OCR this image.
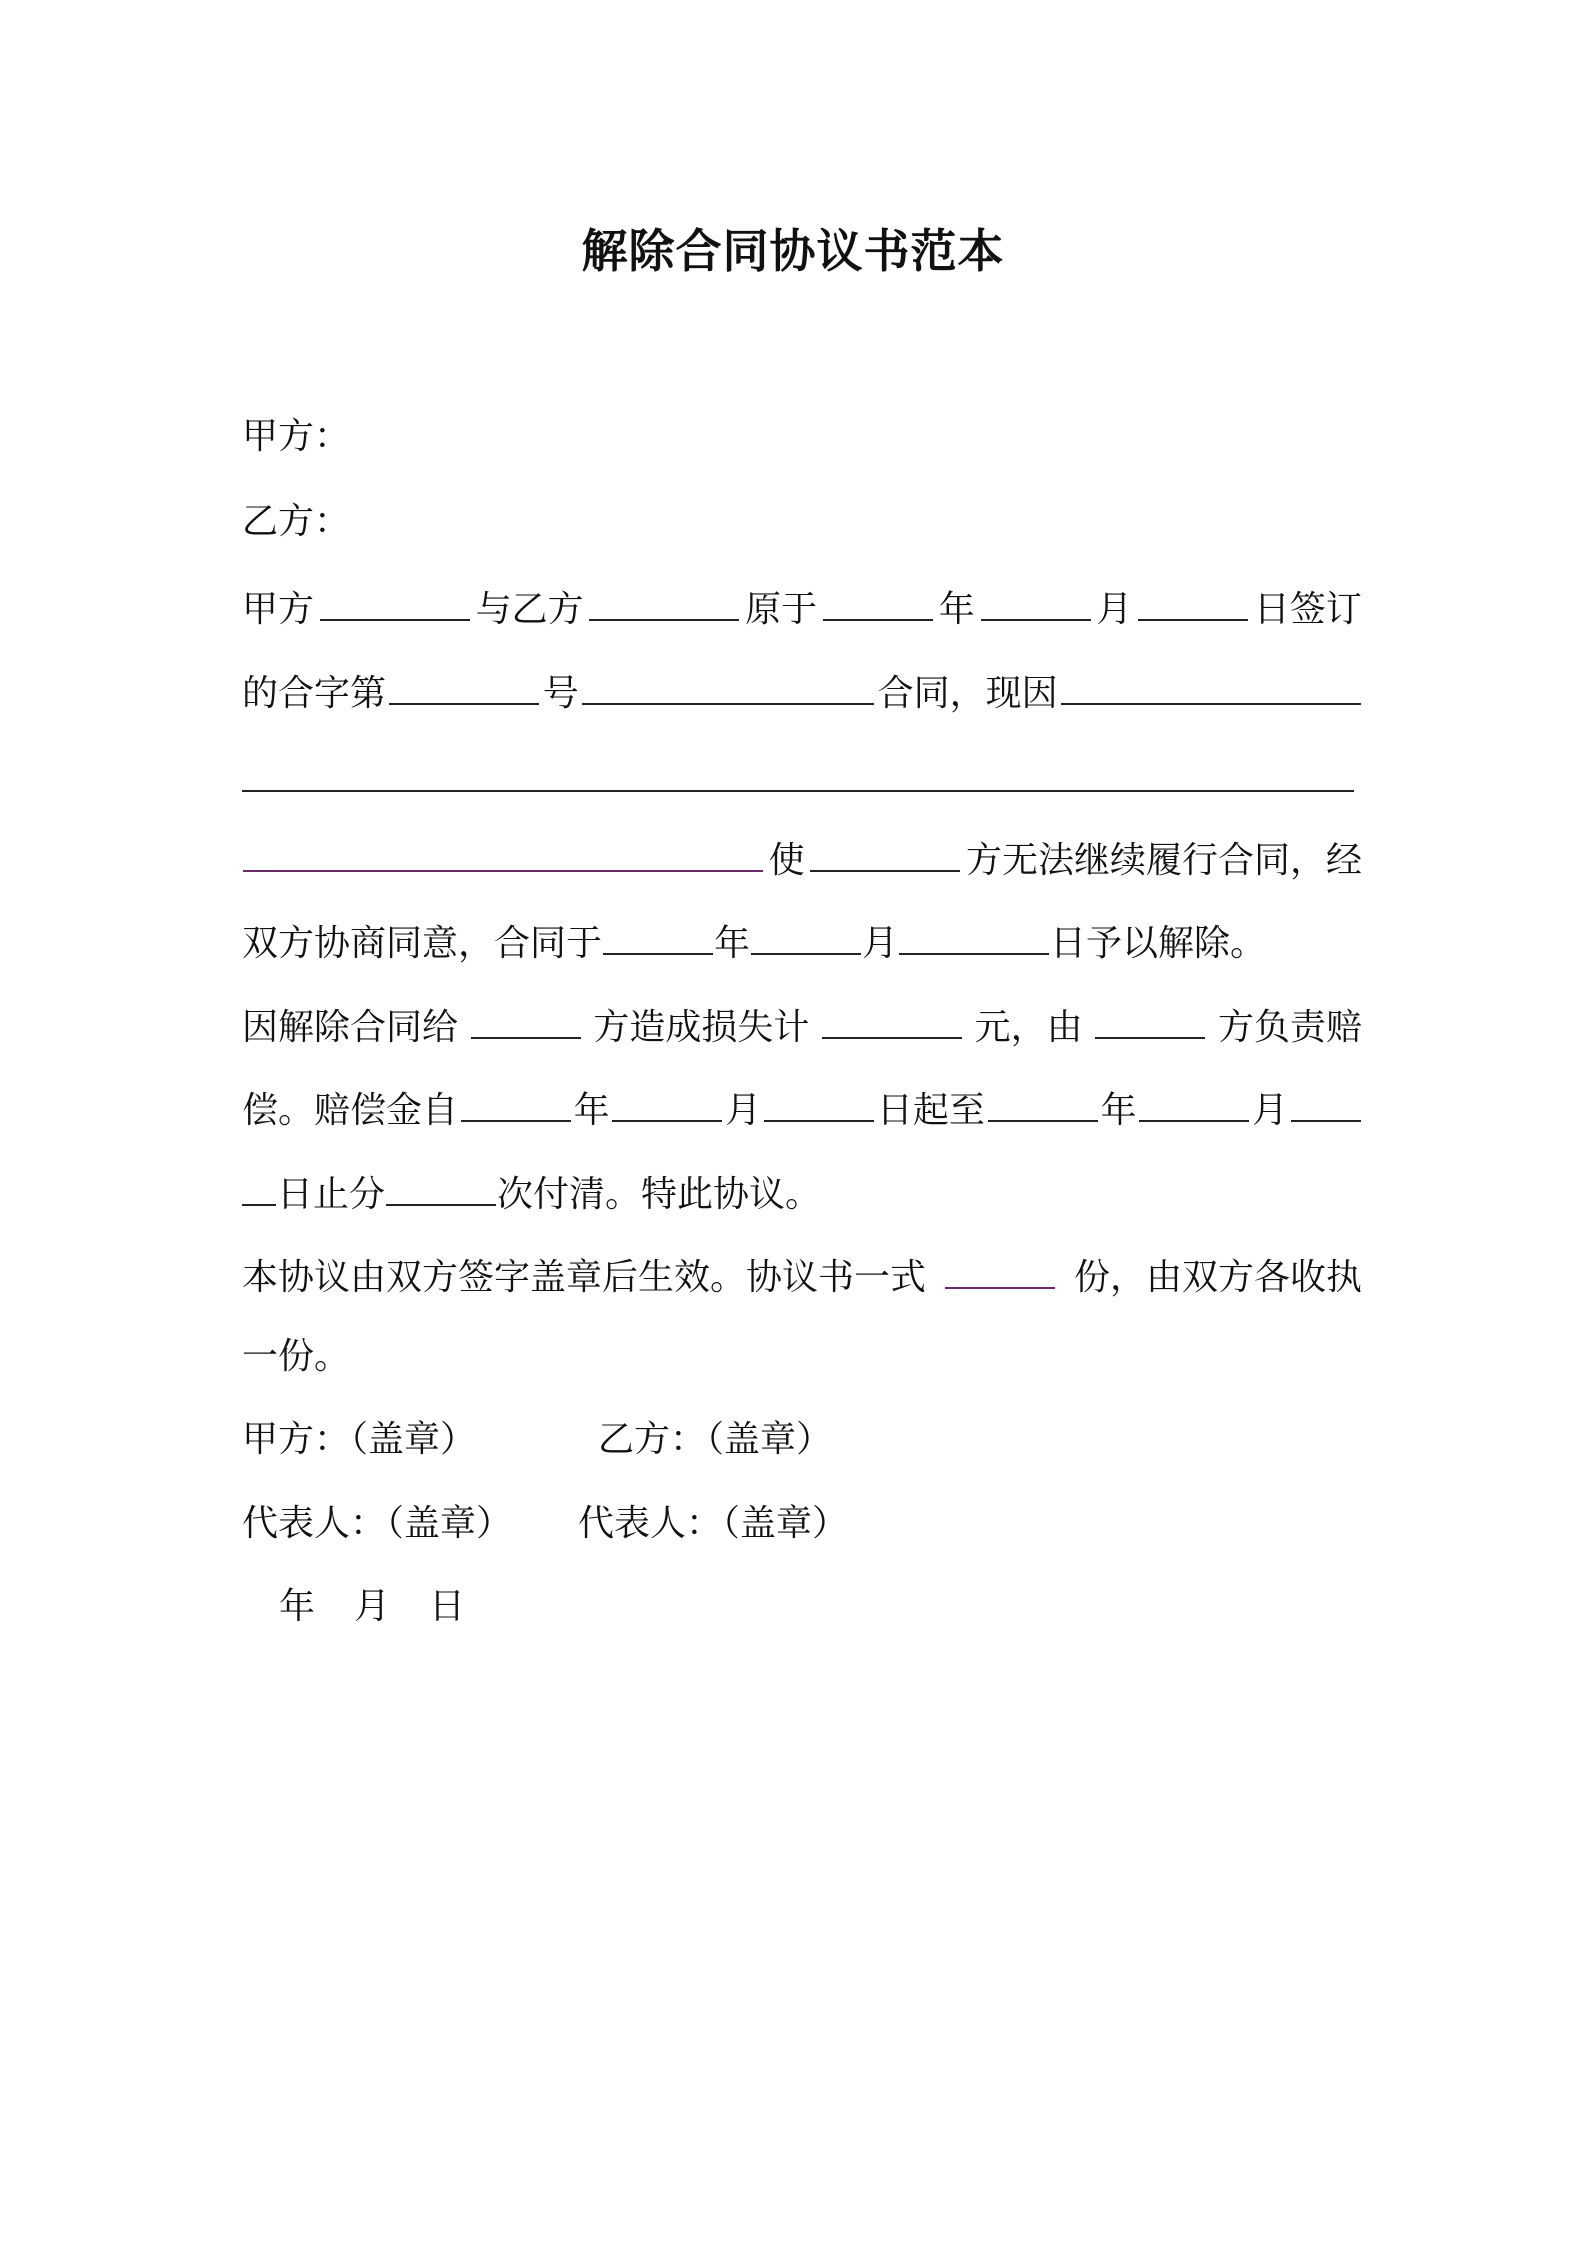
解除合同协议书范本
甲方：
乙方：
甲方	与乙方	原于	年	月	日签订
的合字第	号	合同，现因
使	方无法继续履行合同，经
双方协商同意，合同于	年	月	日予以解除。
因解除合同给	方造成损失计	元，由	方负责赔
偿。赔偿金自	年	月	日起至	年	月
日止分	次付清。特此协议。
本协议由双方签字盖章后生效。协议书一式	份，由双方各收执
一份。
甲方：（盖章）	乙方：（盖章）
代表人：（盖章） 代表人：（盖章）
年 月 日
